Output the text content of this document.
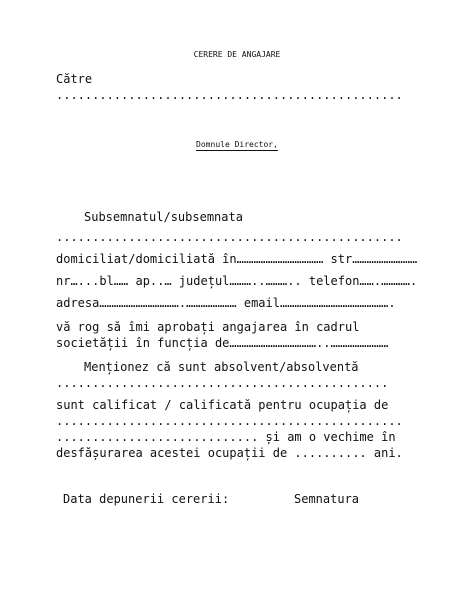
CERERE DE ANGAJARE
Către
................................................
Domnule Director,
Subsemnatul/subsemnata
................................................
domiciliat/domiciliată în……………………………… str………………………
nr…...bl…… ap..… județul………..……….. telefon…….………….
adresa…………………………….………………… email……………………………………….
vă rog să îmi aprobați angajarea în cadrul
societății în funcția de………………………………..……………………
Menționez că sunt absolvent/absolventă
..............................................
sunt calificat / calificată pentru ocupația de
................................................
............................ și am o vechime în
desfășurarea acestei ocupații de .......... ani.
Data depunerii cererii:	Semnatura
